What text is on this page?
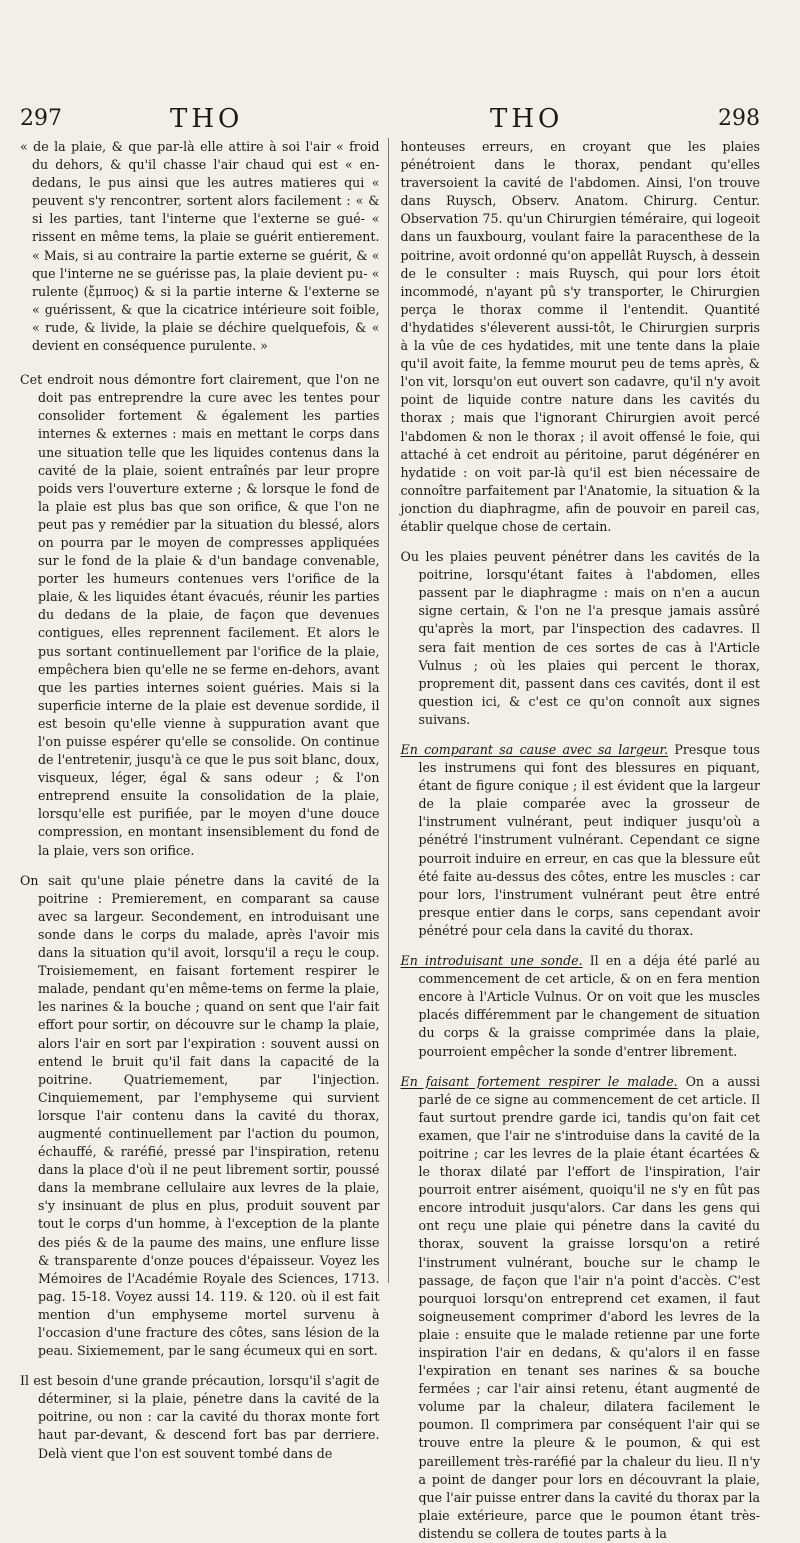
297	THO	THO	298

« de la plaie, & que par-là elle attire à soi l'air « froid du dehors, & qu'il chasse l'air chaud qui est « en-dedans, le pus ainsi que les autres matieres qui « peuvent s'y rencontrer, sortent alors facilement : « & si les parties, tant l'interne que l'externe se gué- « rissent en même tems, la plaie se guérit entierement. « Mais, si au contraire la partie externe se guérit, & « que l'interne ne se guérisse pas, la plaie devient pu- « rulente (ἔμπυος) & si la partie interne & l'externe se « guérissent, & que la cicatrice intérieure soit foible, « rude, & livide, la plaie se déchire quelquefois, & « devient en conséquence purulente. »

Cet endroit nous démontre fort clairement, que l'on ne doit pas entreprendre la cure avec les tentes pour consolider fortement & également les parties internes & externes : mais en mettant le corps dans une situation telle que les liquides contenus dans la cavité de la plaie, soient entraînés par leur propre poids vers l'ouverture externe ; & lorsque le fond de la plaie est plus bas que son orifice, & que l'on ne peut pas y remédier par la situation du blessé, alors on pourra par le moyen de compresses appliquées sur le fond de la plaie & d'un bandage convenable, porter les humeurs contenues vers l'orifice de la plaie, & les liquides étant évacués, réunir les parties du dedans de la plaie, de façon que devenues contigues, elles reprennent facilement. Et alors le pus sortant continuellement par l'orifice de la plaie, empêchera bien qu'elle ne se ferme en-dehors, avant que les parties internes soient guéries. Mais si la superficie interne de la plaie est devenue sordide, il est besoin qu'elle vienne à suppuration avant que l'on puisse espérer qu'elle se consolide. On continue de l'entretenir, jusqu'à ce que le pus soit blanc, doux, visqueux, léger, égal & sans odeur ; & l'on entreprend ensuite la consolidation de la plaie, lorsqu'elle est purifiée, par le moyen d'une douce compression, en montant insensiblement du fond de la plaie, vers son orifice.

On sait qu'une plaie pénetre dans la cavité de la poitrine : Premierement, en comparant sa cause avec sa largeur. Secondement, en introduisant une sonde dans le corps du malade, après l'avoir mis dans la situation qu'il avoit, lorsqu'il a reçu le coup. Troisiemement, en faisant fortement respirer le malade, pendant qu'en même-tems on ferme la plaie, les narines & la bouche ; quand on sent que l'air fait effort pour sortir, on découvre sur le champ la plaie, alors l'air en sort par l'expiration : souvent aussi on entend le bruit qu'il fait dans la capacité de la poitrine. Quatriemement, par l'injection. Cinquiemement, par l'emphyseme qui survient lorsque l'air contenu dans la cavité du thorax, augmenté continuellement par l'action du poumon, échauffé, & raréfié, pressé par l'inspiration, retenu dans la place d'où il ne peut librement sortir, poussé dans la membrane cellulaire aux levres de la plaie, s'y insinuant de plus en plus, produit souvent par tout le corps d'un homme, à l'exception de la plante des piés & de la paume des mains, une enflure lisse & transparente d'onze pouces d'épaisseur. Voyez les Mémoires de l'Académie Royale des Sciences, 1713. pag. 15-18. Voyez aussi 14. 119. & 120. où il est fait mention d'un emphyseme mortel survenu à l'occasion d'une fracture des côtes, sans lésion de la peau. Sixiemement, par le sang écumeux qui en sort.

Il est besoin d'une grande précaution, lorsqu'il s'agit de déterminer, si la plaie, pénetre dans la cavité de la poitrine, ou non : car la cavité du thorax monte fort haut par-devant, & descend fort bas par derriere. Delà vient que l'on est souvent tombé dans de

honteuses erreurs, en croyant que les plaies pénétroient dans le thorax, pendant qu'elles traversoient la cavité de l'abdomen. Ainsi, l'on trouve dans Ruysch, Observ. Anatom. Chirurg. Centur. Observation 75. qu'un Chirurgien téméraire, qui logeoit dans un fauxbourg, voulant faire la paracenthese de la poitrine, avoit ordonné qu'on appellât Ruysch, à dessein de le consulter : mais Ruysch, qui pour lors étoit incommodé, n'ayant pû s'y transporter, le Chirurgien perça le thorax comme il l'entendit. Quantité d'hydatides s'éleverent aussi-tôt, le Chirurgien surpris à la vûe de ces hydatides, mit une tente dans la plaie qu'il avoit faite, la femme mourut peu de tems après, & l'on vit, lorsqu'on eut ouvert son cadavre, qu'il n'y avoit point de liquide contre nature dans les cavités du thorax ; mais que l'ignorant Chirurgien avoit percé l'abdomen & non le thorax ; il avoit offensé le foie, qui attaché à cet endroit au péritoine, parut dégénérer en hydatide : on voit par-là qu'il est bien nécessaire de connoître parfaitement par l'Anatomie, la situation & la jonction du diaphragme, afin de pouvoir en pareil cas, établir quelque chose de certain.

Ou les plaies peuvent pénétrer dans les cavités de la poitrine, lorsqu'étant faites à l'abdomen, elles passent par le diaphragme : mais on n'en a aucun signe certain, & l'on ne l'a presque jamais assûré qu'après la mort, par l'inspection des cadavres. Il sera fait mention de ces sortes de cas à l'Article Vulnus ; où les plaies qui percent le thorax, proprement dit, passent dans ces cavités, dont il est question ici, & c'est ce qu'on connoît aux signes suivans.

En comparant sa cause avec sa largeur. Presque tous les instrumens qui font des blessures en piquant, étant de figure conique ; il est évident que la largeur de la plaie comparée avec la grosseur de l'instrument vulnérant, peut indiquer jusqu'où a pénétré l'instrument vulnérant. Cependant ce signe pourroit induire en erreur, en cas que la blessure eût été faite au-dessus des côtes, entre les muscles : car pour lors, l'instrument vulnérant peut être entré presque entier dans le corps, sans cependant avoir pénétré pour cela dans la cavité du thorax.

En introduisant une sonde. Il en a déja été parlé au commencement de cet article, & on en fera mention encore à l'Article Vulnus. Or on voit que les muscles placés différemment par le changement de situation du corps & la graisse comprimée dans la plaie, pourroient empêcher la sonde d'entrer librement.

En faisant fortement respirer le malade. On a aussi parlé de ce signe au commencement de cet article. Il faut surtout prendre garde ici, tandis qu'on fait cet examen, que l'air ne s'introduise dans la cavité de la poitrine ; car les levres de la plaie étant écartées & le thorax dilaté par l'effort de l'inspiration, l'air pourroit entrer aisément, quoiqu'il ne s'y en fût pas encore introduit jusqu'alors. Car dans les gens qui ont reçu une plaie qui pénetre dans la cavité du thorax, souvent la graisse lorsqu'on a retiré l'instrument vulnérant, bouche sur le champ le passage, de façon que l'air n'a point d'accès. C'est pourquoi lorsqu'on entreprend cet examen, il faut soigneusement comprimer d'abord les levres de la plaie : ensuite que le malade retienne par une forte inspiration l'air en dedans, & qu'alors il en fasse l'expiration en tenant ses narines & sa bouche fermées ; car l'air ainsi retenu, étant augmenté de volume par la chaleur, dilatera facilement le poumon. Il comprimera par conséquent l'air qui se trouve entre la pleure & le poumon, & qui est pareillement très-raréfié par la chaleur du lieu. Il n'y a point de danger pour lors en découvrant la plaie, que l'air puisse entrer dans la cavité du thorax par la plaie extérieure, parce que le poumon étant très-distendu se collera de toutes parts à la
